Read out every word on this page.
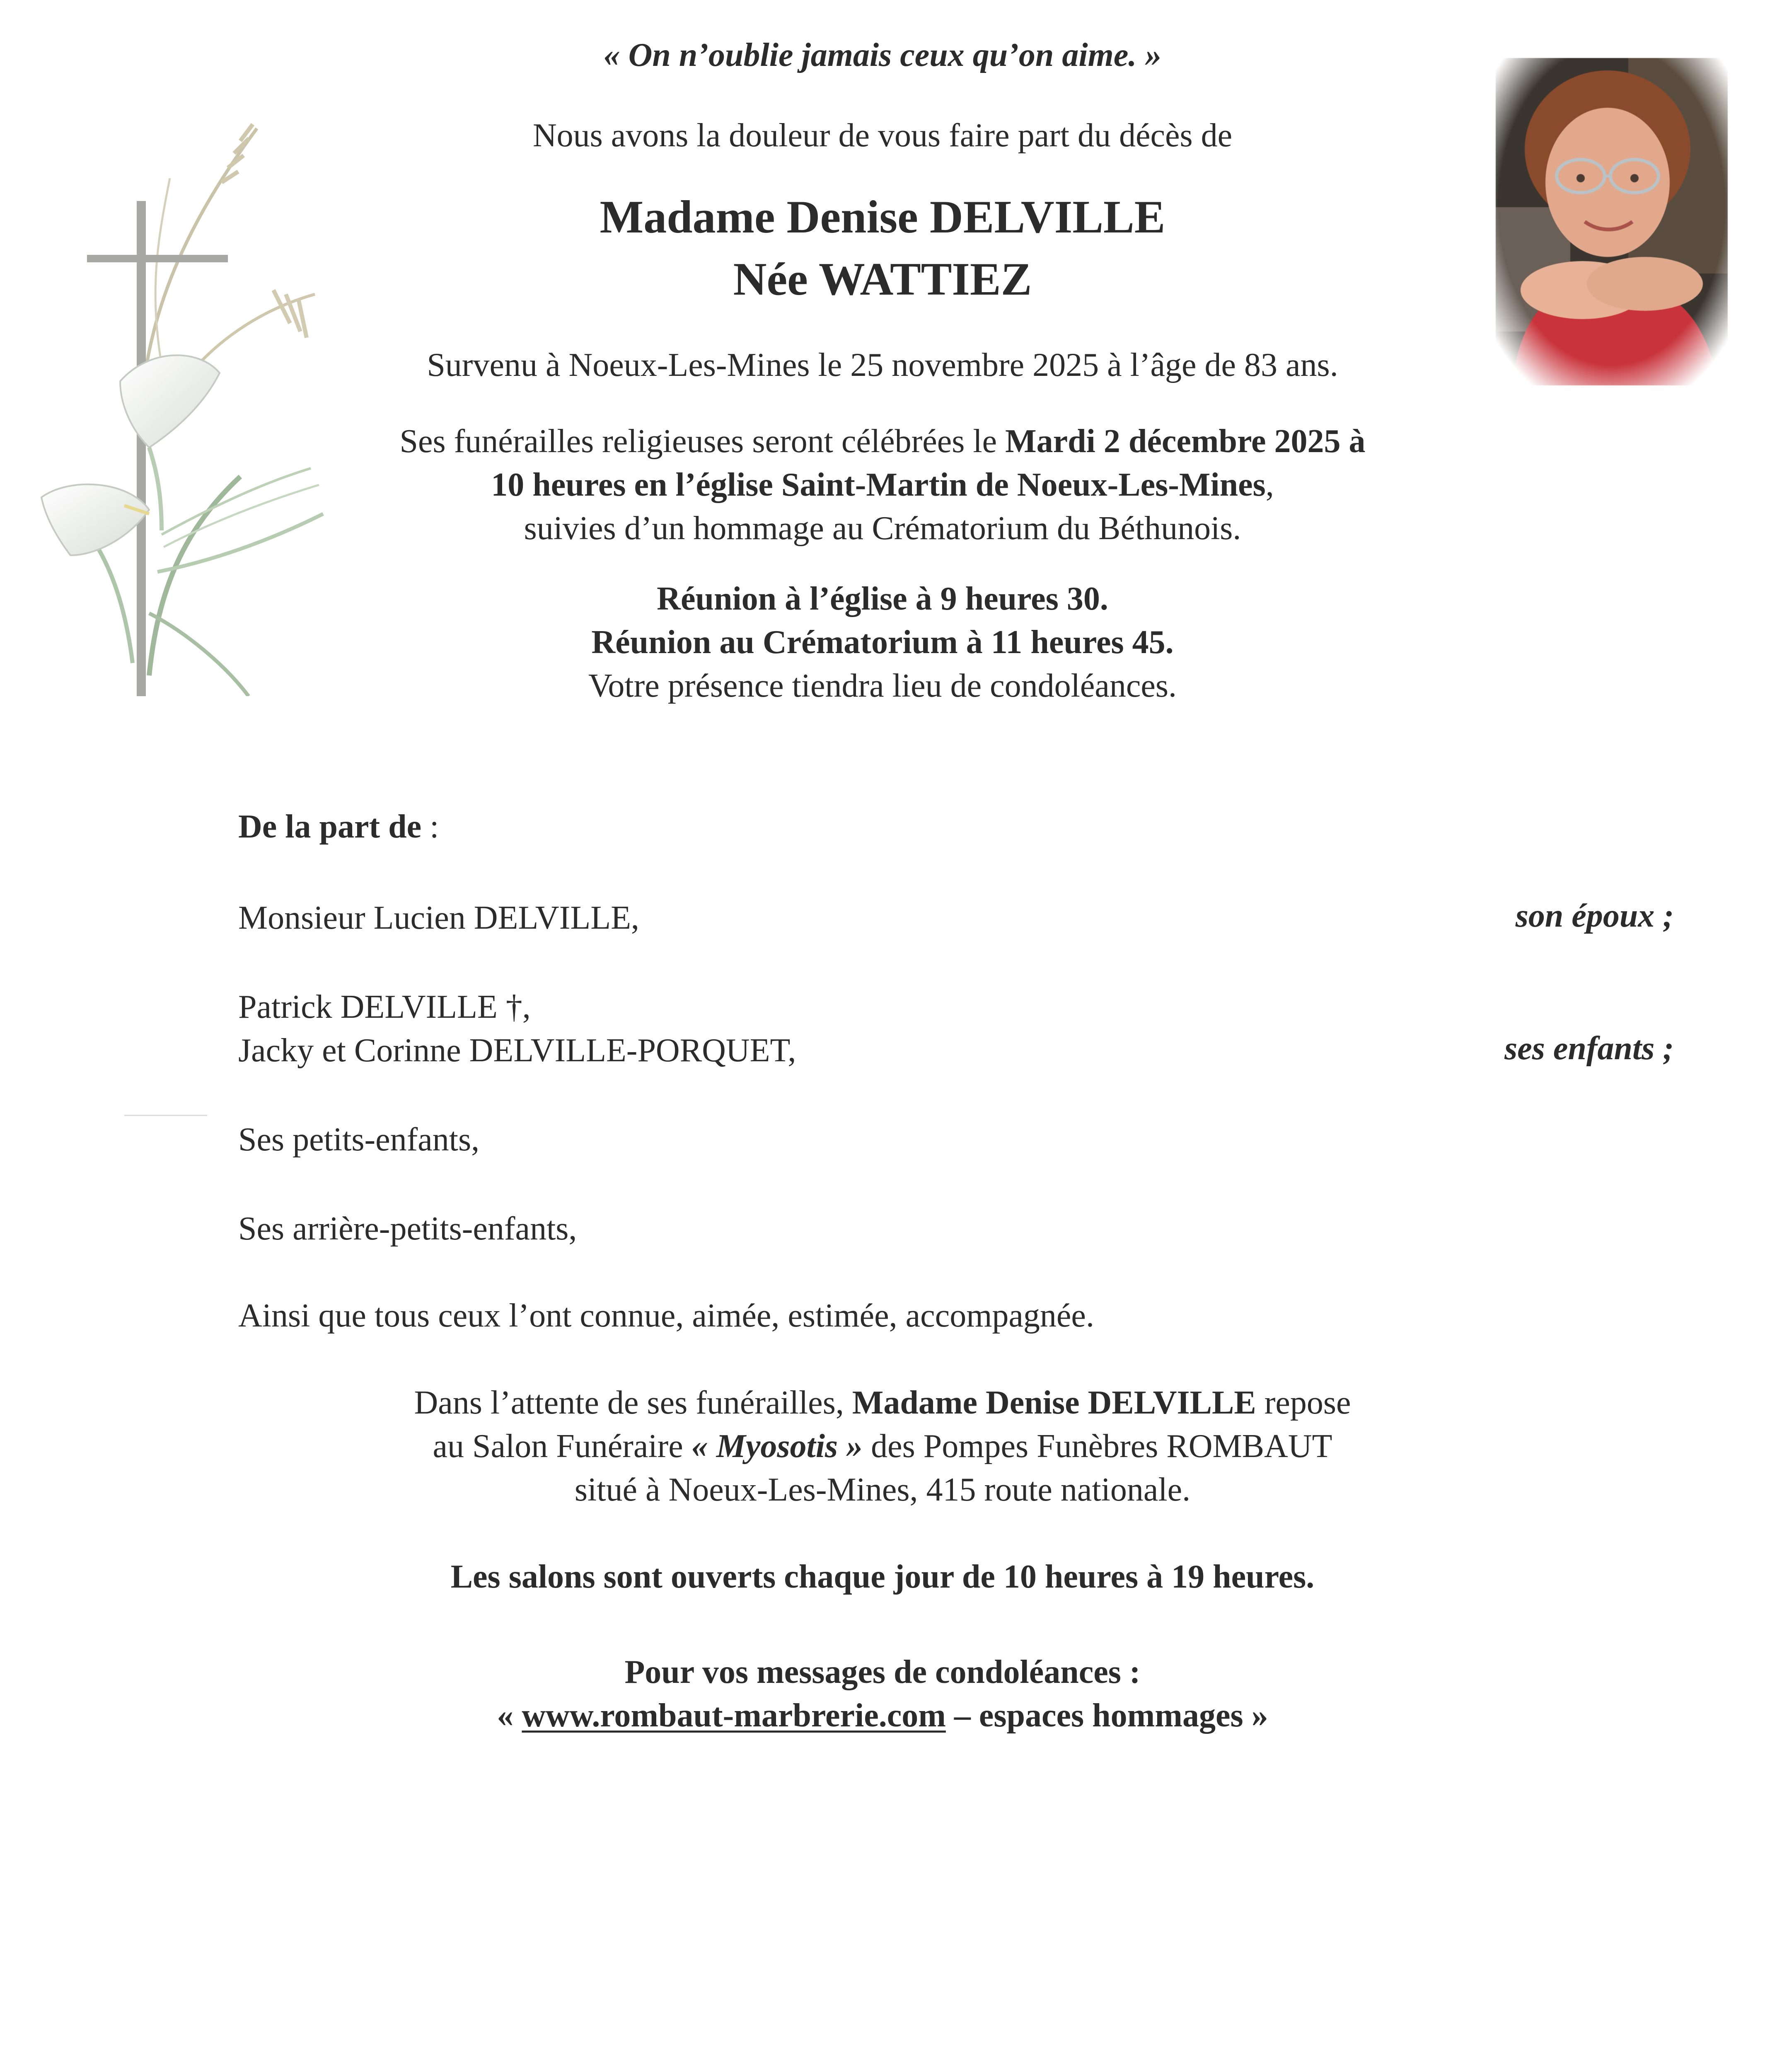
« On n’oublie jamais ceux qu’on aime. »
Nous avons la douleur de vous faire part du décès de
Madame Denise DELVILLE
Née WATTIEZ
Survenu à Noeux-Les-Mines le 25 novembre 2025 à l’âge de 83 ans.
Ses funérailles religieuses seront célébrées le Mardi 2 décembre 2025 à
10 heures en l’église Saint-Martin de Noeux-Les-Mines,
suivies d’un hommage au Crématorium du Béthunois.
Réunion à l’église à 9 heures 30.
Réunion au Crématorium à 11 heures 45.
Votre présence tiendra lieu de condoléances.
De la part de :
Monsieur Lucien DELVILLE,	son époux ;
Patrick DELVILLE †,
Jacky et Corinne DELVILLE-PORQUET,	ses enfants ;
Ses petits-enfants,
Ses arrière-petits-enfants,
Ainsi que tous ceux l’ont connue, aimée, estimée, accompagnée.
Dans l’attente de ses funérailles, Madame Denise DELVILLE repose
au Salon Funéraire « Myosotis » des Pompes Funèbres ROMBAUT
situé à Noeux-Les-Mines, 415 route nationale.
Les salons sont ouverts chaque jour de 10 heures à 19 heures.
Pour vos messages de condoléances :
« www.rombaut-marbrerie.com – espaces hommages »
